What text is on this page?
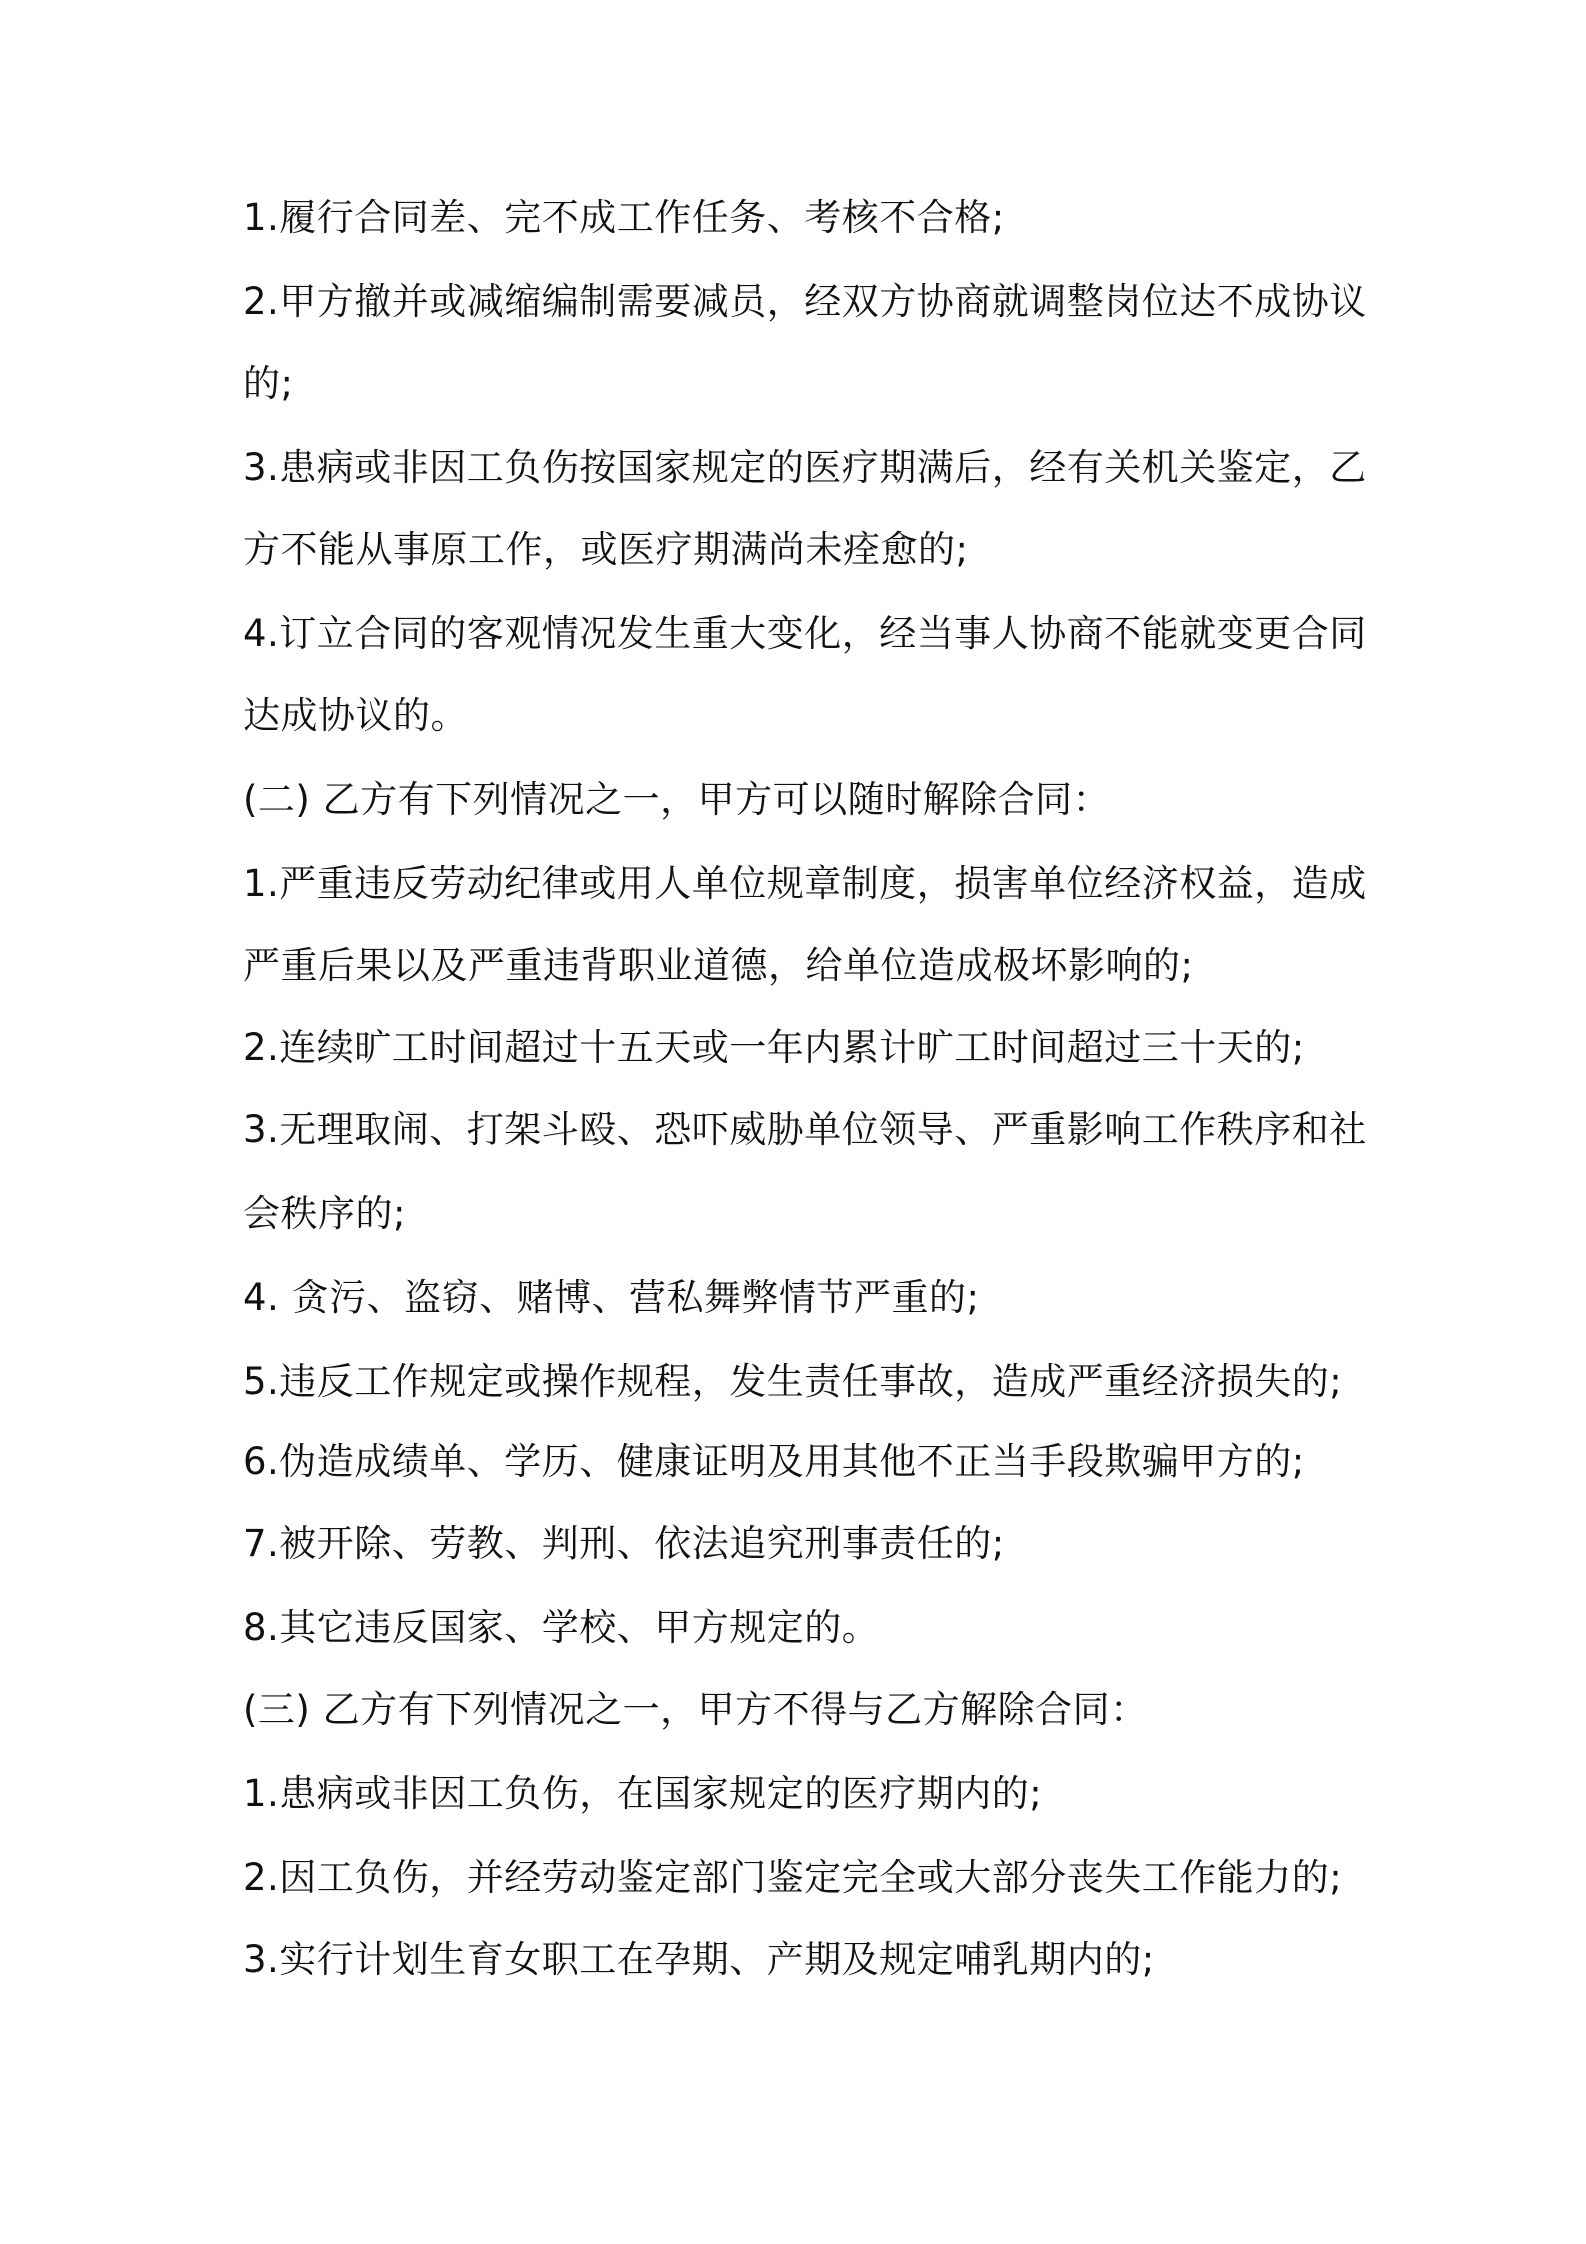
1.履行合同差、完不成工作任务、考核不合格;
2.甲方撤并或减缩编制需要减员，经双方协商就调整岗位达不成协议
的;
3.患病或非因工负伤按国家规定的医疗期满后，经有关机关鉴定，乙
方不能从事原工作，或医疗期满尚未痊愈的;
4.订立合同的客观情况发生重大变化，经当事人协商不能就变更合同
达成协议的。
(二) 乙方有下列情况之一，甲方可以随时解除合同：
1.严重违反劳动纪律或用人单位规章制度，损害单位经济权益，造成
严重后果以及严重违背职业道德，给单位造成极坏影响的;
2.连续旷工时间超过十五天或一年内累计旷工时间超过三十天的;
3.无理取闹、打架斗殴、恐吓威胁单位领导、严重影响工作秩序和社
会秩序的;
4. 贪污、盗窃、赌博、营私舞弊情节严重的;
5.违反工作规定或操作规程，发生责任事故，造成严重经济损失的;
6.伪造成绩单、学历、健康证明及用其他不正当手段欺骗甲方的;
7.被开除、劳教、判刑、依法追究刑事责任的;
8.其它违反国家、学校、甲方规定的。
(三) 乙方有下列情况之一，甲方不得与乙方解除合同：
1.患病或非因工负伤，在国家规定的医疗期内的;
2.因工负伤，并经劳动鉴定部门鉴定完全或大部分丧失工作能力的;
3.实行计划生育女职工在孕期、产期及规定哺乳期内的;
